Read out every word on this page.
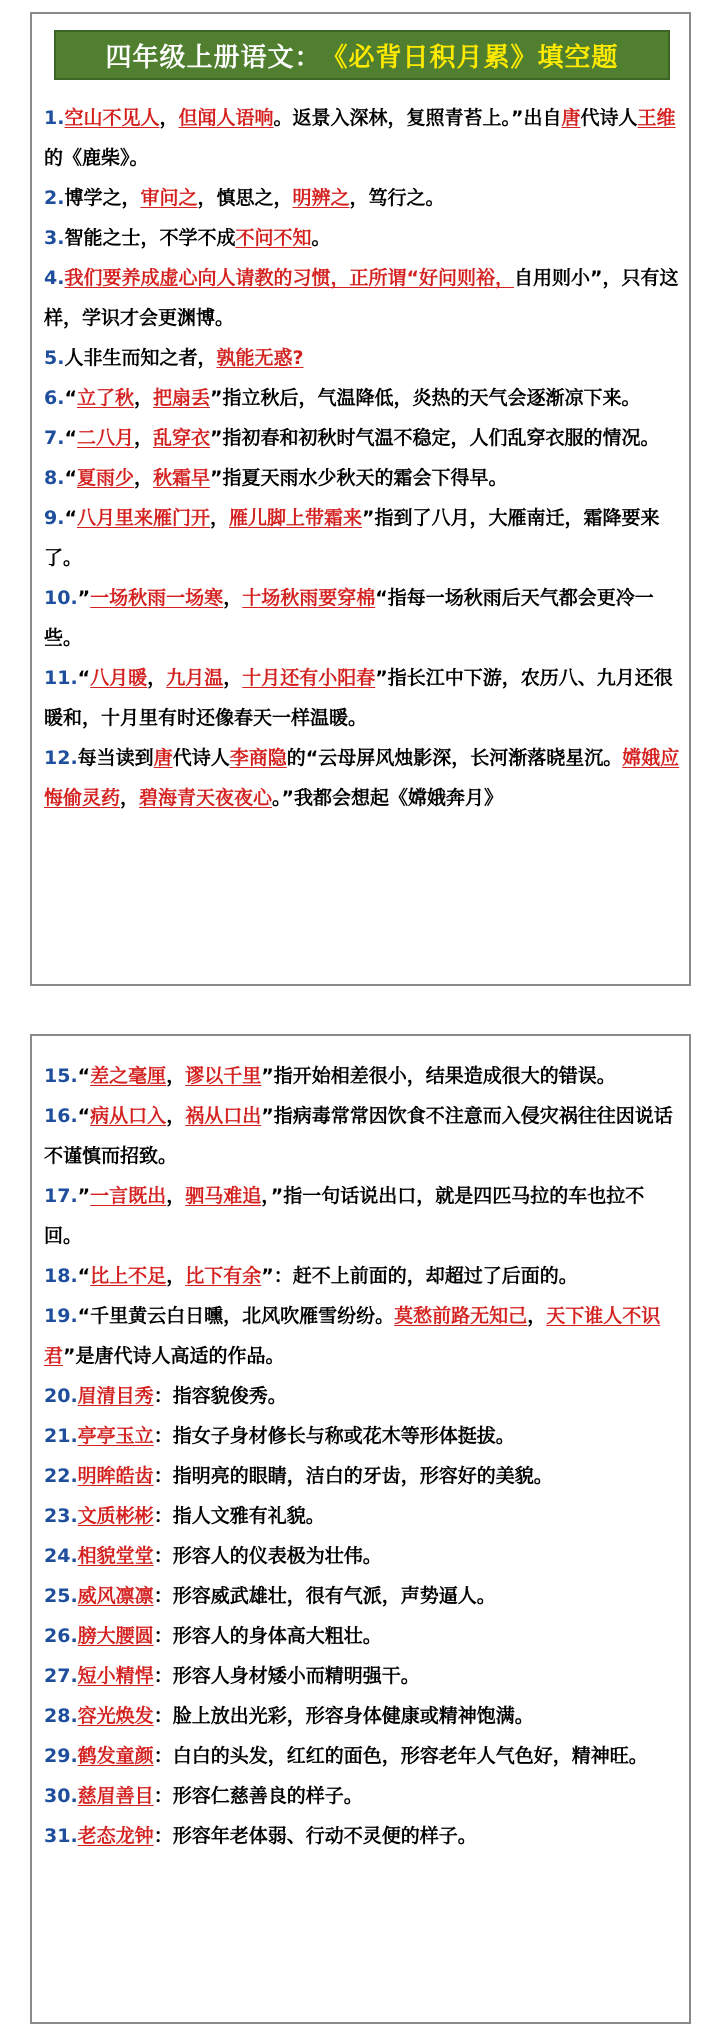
四年级上册语文： 《必背日积月累》填空题

1.空山不见人，但闻人语响。返景入深林，复照青苔上。”出自唐代诗人王维的《鹿柴》。

2.博学之，审问之，慎思之，明辨之，笃行之。

3.智能之士，不学不成不问不知。

4.我们要养成虚心向人请教的习惯，正所谓“好问则裕，自用则小”，只有这样，学识才会更渊博。

5.人非生而知之者，孰能无惑?

6.“立了秋，把扇丢”指立秋后，气温降低，炎热的天气会逐渐凉下来。

7.“二八月，乱穿衣”指初春和初秋时气温不稳定，人们乱穿衣服的情况。

8.“夏雨少，秋霜早”指夏天雨水少秋天的霜会下得早。

9.“八月里来雁门开，雁儿脚上带霜来”指到了八月，大雁南迁，霜降要来了。

10.”一场秋雨一场寒，十场秋雨要穿棉“指每一场秋雨后天气都会更冷一些。

11.“八月暖，九月温，十月还有小阳春”指长江中下游，农历八、九月还很暖和，十月里有时还像春天一样温暖。

12.每当读到唐代诗人李商隐的“云母屏风烛影深，长河渐落晓星沉。嫦娥应悔偷灵药，碧海青天夜夜心。”我都会想起《嫦娥奔月》

15.“差之毫厘，谬以千里”指开始相差很小，结果造成很大的错误。

16.“病从口入，祸从口出”指病毒常常因饮食不注意而入侵灾祸往往因说话不谨慎而招致。

17.”一言既出，驷马难追，”指一句话说出口，就是四匹马拉的车也拉不回。

18.“比上不足，比下有余”：赶不上前面的，却超过了后面的。

19.“千里黄云白日曛，北风吹雁雪纷纷。莫愁前路无知己，天下谁人不识君”是唐代诗人高适的作品。

20.眉清目秀：指容貌俊秀。

21.亭亭玉立：指女子身材修长与称或花木等形体挺拔。

22.明眸皓齿：指明亮的眼睛，洁白的牙齿，形容好的美貌。

23.文质彬彬：指人文雅有礼貌。

24.相貌堂堂：形容人的仪表极为壮伟。

25.威风凛凛：形容威武雄壮，很有气派，声势逼人。

26.膀大腰圆：形容人的身体高大粗壮。

27.短小精悍：形容人身材矮小而精明强干。

28.容光焕发：脸上放出光彩，形容身体健康或精神饱满。

29.鹤发童颜：白白的头发，红红的面色，形容老年人气色好，精神旺。

30.慈眉善目：形容仁慈善良的样子。

31.老态龙钟：形容年老体弱、行动不灵便的样子。
